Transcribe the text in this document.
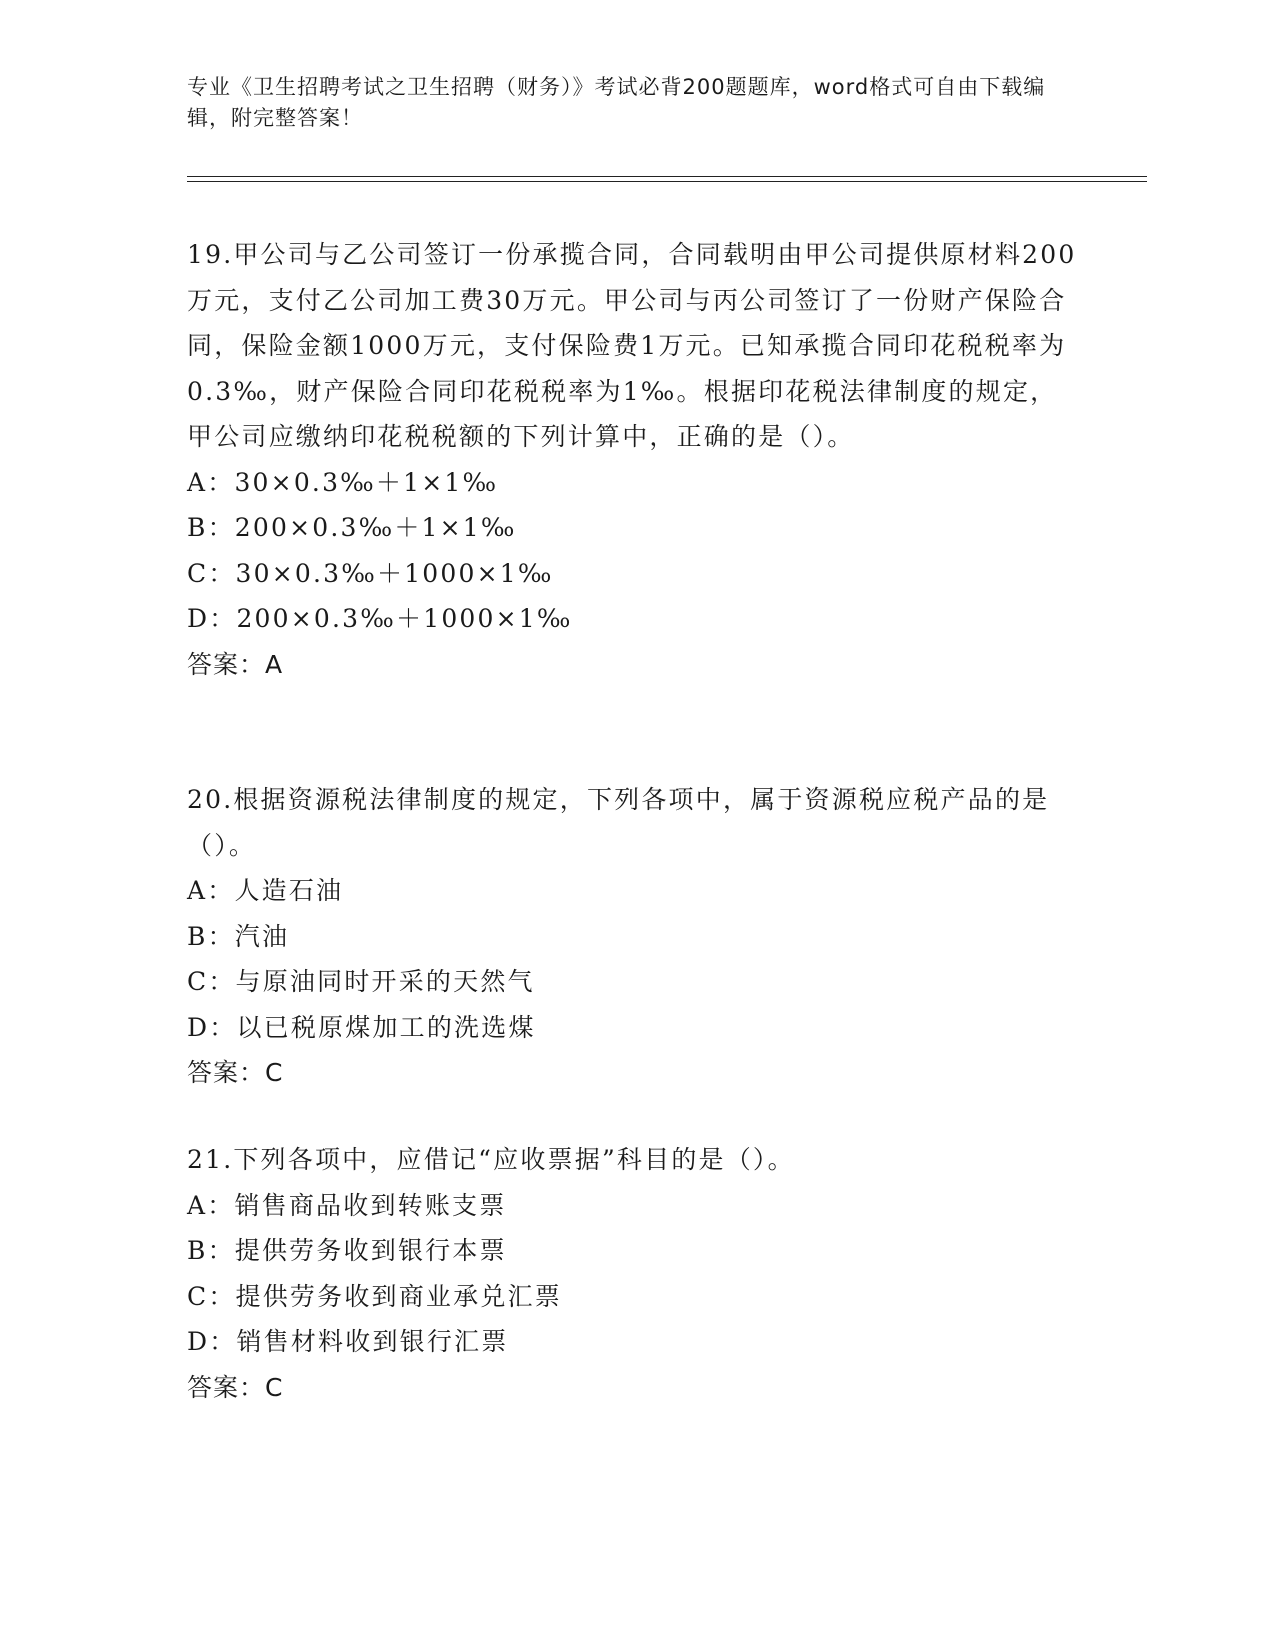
专业《卫生招聘考试之卫生招聘（财务）》考试必背200题题库，word格式可自由下载编辑，附完整答案！

19.甲公司与乙公司签订一份承揽合同，合同载明由甲公司提供原材料200万元，支付乙公司加工费30万元。甲公司与丙公司签订了一份财产保险合同，保险金额1000万元，支付保险费1万元。已知承揽合同印花税税率为0.3‰，财产保险合同印花税税率为1‰。根据印花税法律制度的规定，甲公司应缴纳印花税税额的下列计算中，正确的是（）。

A：30×0.3‰＋1×1‰

B：200×0.3‰＋1×1‰

C：30×0.3‰＋1000×1‰

D：200×0.3‰＋1000×1‰

答案：A

20.根据资源税法律制度的规定，下列各项中，属于资源税应税产品的是（）。

A：人造石油

B：汽油

C：与原油同时开采的天然气

D：以已税原煤加工的洗选煤

答案：C

21.下列各项中，应借记“应收票据”科目的是（）。

A：销售商品收到转账支票

B：提供劳务收到银行本票

C：提供劳务收到商业承兑汇票

D：销售材料收到银行汇票

答案：C
